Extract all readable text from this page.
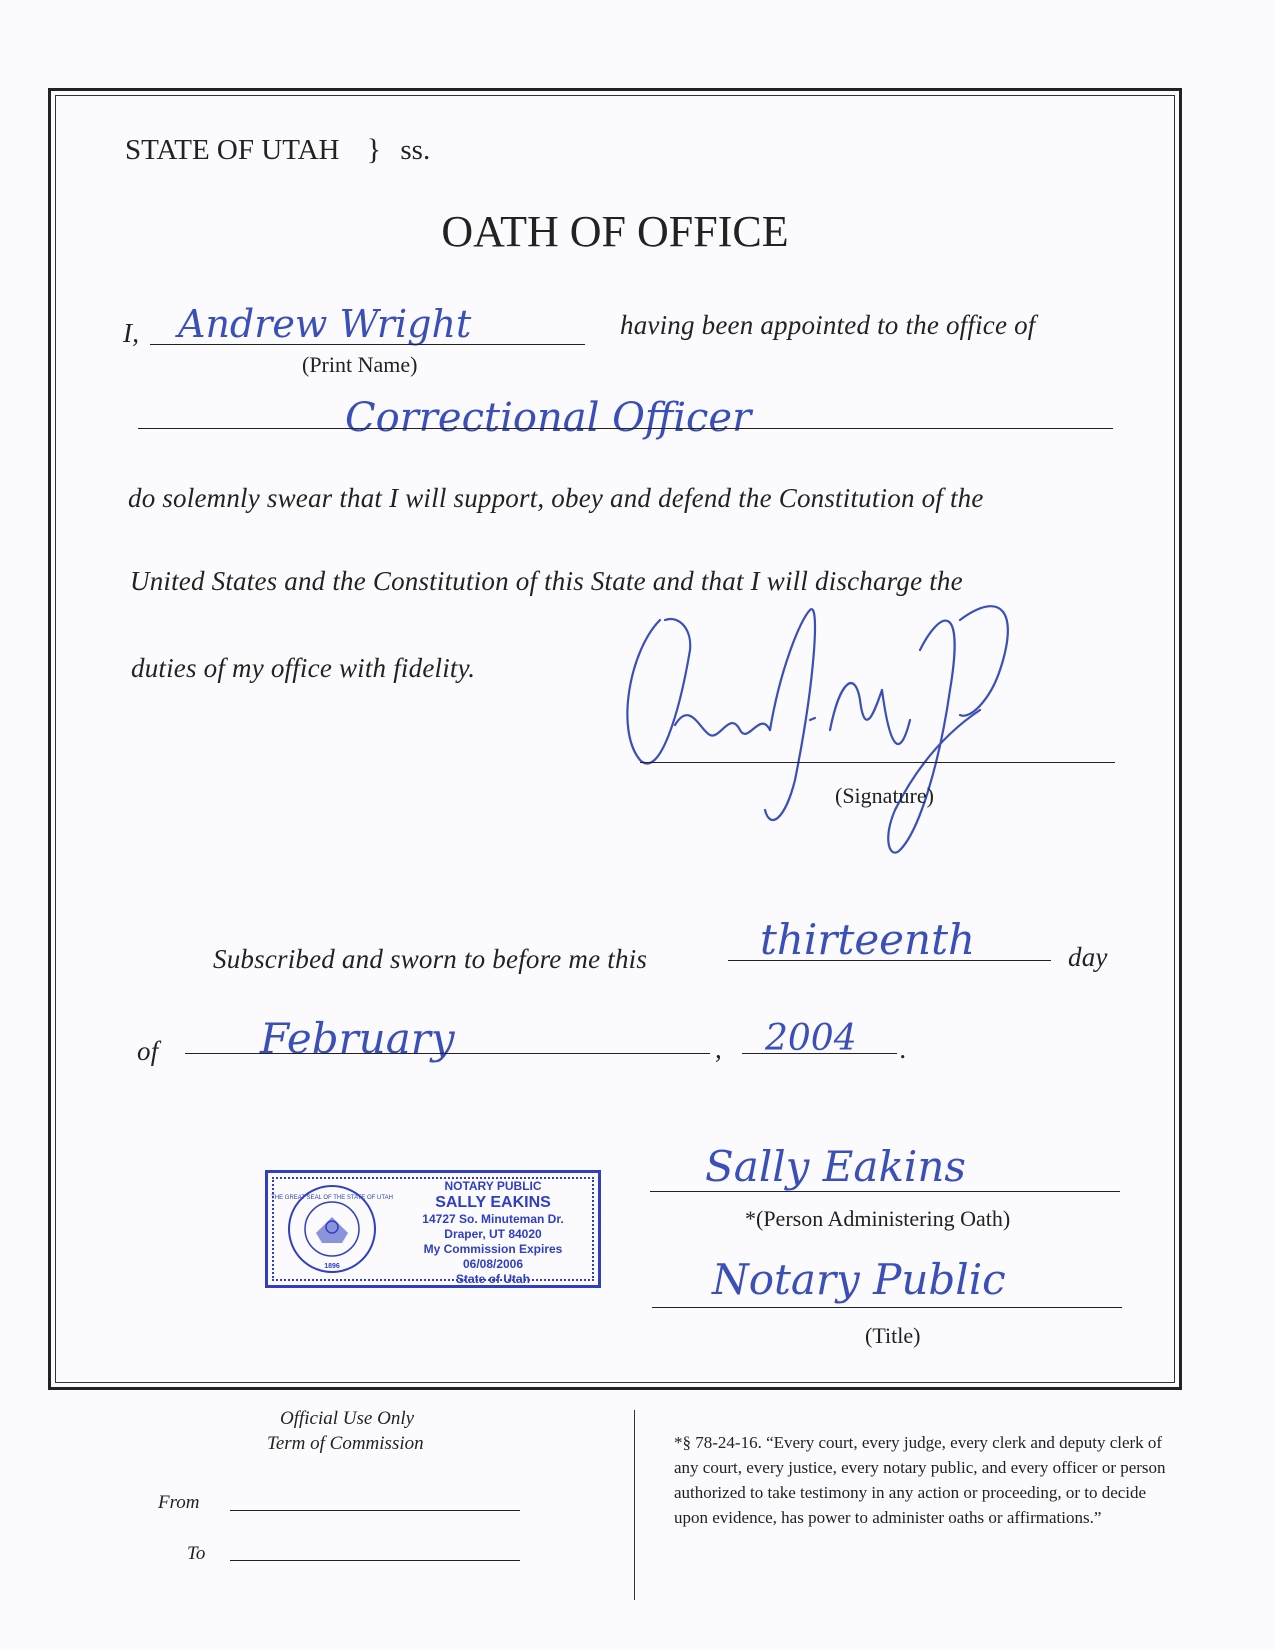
STATE OF UTAH } ss.
OATH OF OFFICE
I, Andrew Wright
(Print Name)
having been appointed to the office of
Correctional Officer
do solemnly swear that I will support, obey and defend the Constitution of the
United States and the Constitution of this State and that I will discharge the
duties of my office with fidelity.
(Signature)
Subscribed and sworn to before me this	thirteenth	day
of February	, 2004 .
THE GREAT SEAL OF THE STATE OF UTAH
1896
NOTARY PUBLIC
SALLY EAKINS
14727 So. Minuteman Dr.
Draper, UT 84020
My Commission Expires 06/08/2006
State of Utah
Sally Eakins
*(Person Administering Oath)
Notary Public
(Title)
Official Use Only
Term of Commission
From
To
*§ 78-24-16. “Every court, every judge, every clerk and deputy clerk of any court, every justice, every notary public, and every officer or person authorized to take testimony in any action or proceeding, or to decide upon evidence, has power to administer oaths or affirmations.”
